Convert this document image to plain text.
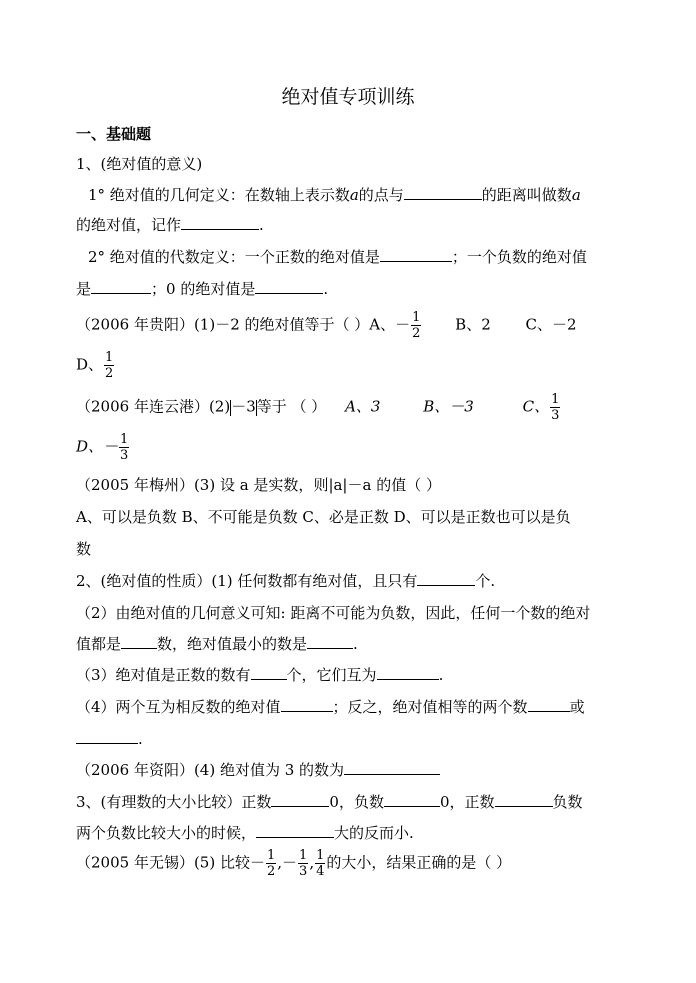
绝对值专项训练
一、基础题
1、(绝对值的意义)
1° 绝对值的几何定义：在数轴上表示数a的点与	的距离叫做数a
的绝对值，记作	.
2° 绝对值的代数定义：一个正数的绝对值是	；一个负数的绝对值
是	；0 的绝对值是	.
（2006 年贵阳）(1)－2 的绝对值等于（ ）A、－ $\frac{1}{2}$ B、2 C、－2
D、 $\frac{1}{2}$
（2006 年连云港）(2)－3等于 （ ） A、3	B、－3	C、 $\frac{1}{3}$
D、－ $\frac{1}{3}$
（2005 年梅州）(3) 设 a 是实数，则|a|－a 的值（ ）
A、可以是负数 B、不可能是负数 C、必是正数 D、可以是正数也可以是负
数
2、(绝对值的性质）(1) 任何数都有绝对值，且只有	个.
（2）由绝对值的几何意义可知: 距离不可能为负数，因此，任何一个数的绝对
值都是 数，绝对值最小的数是	.
（3）绝对值是正数的数有 个，它们互为	.
（4）两个互为相反数的绝对值	；反之，绝对值相等的两个数	或
.
（2006 年资阳）(4) 绝对值为 3 的数为
3、(有理数的大小比较）正数	0，负数	0，正数	负数
两个负数比较大小的时候，	大的反而小.
（2005 年无锡）(5) 比较－ $\frac{1}{2}$ ,－ $\frac{1}{3}$ , $\frac{1}{4}$ 的大小，结果正确的是（ ）
